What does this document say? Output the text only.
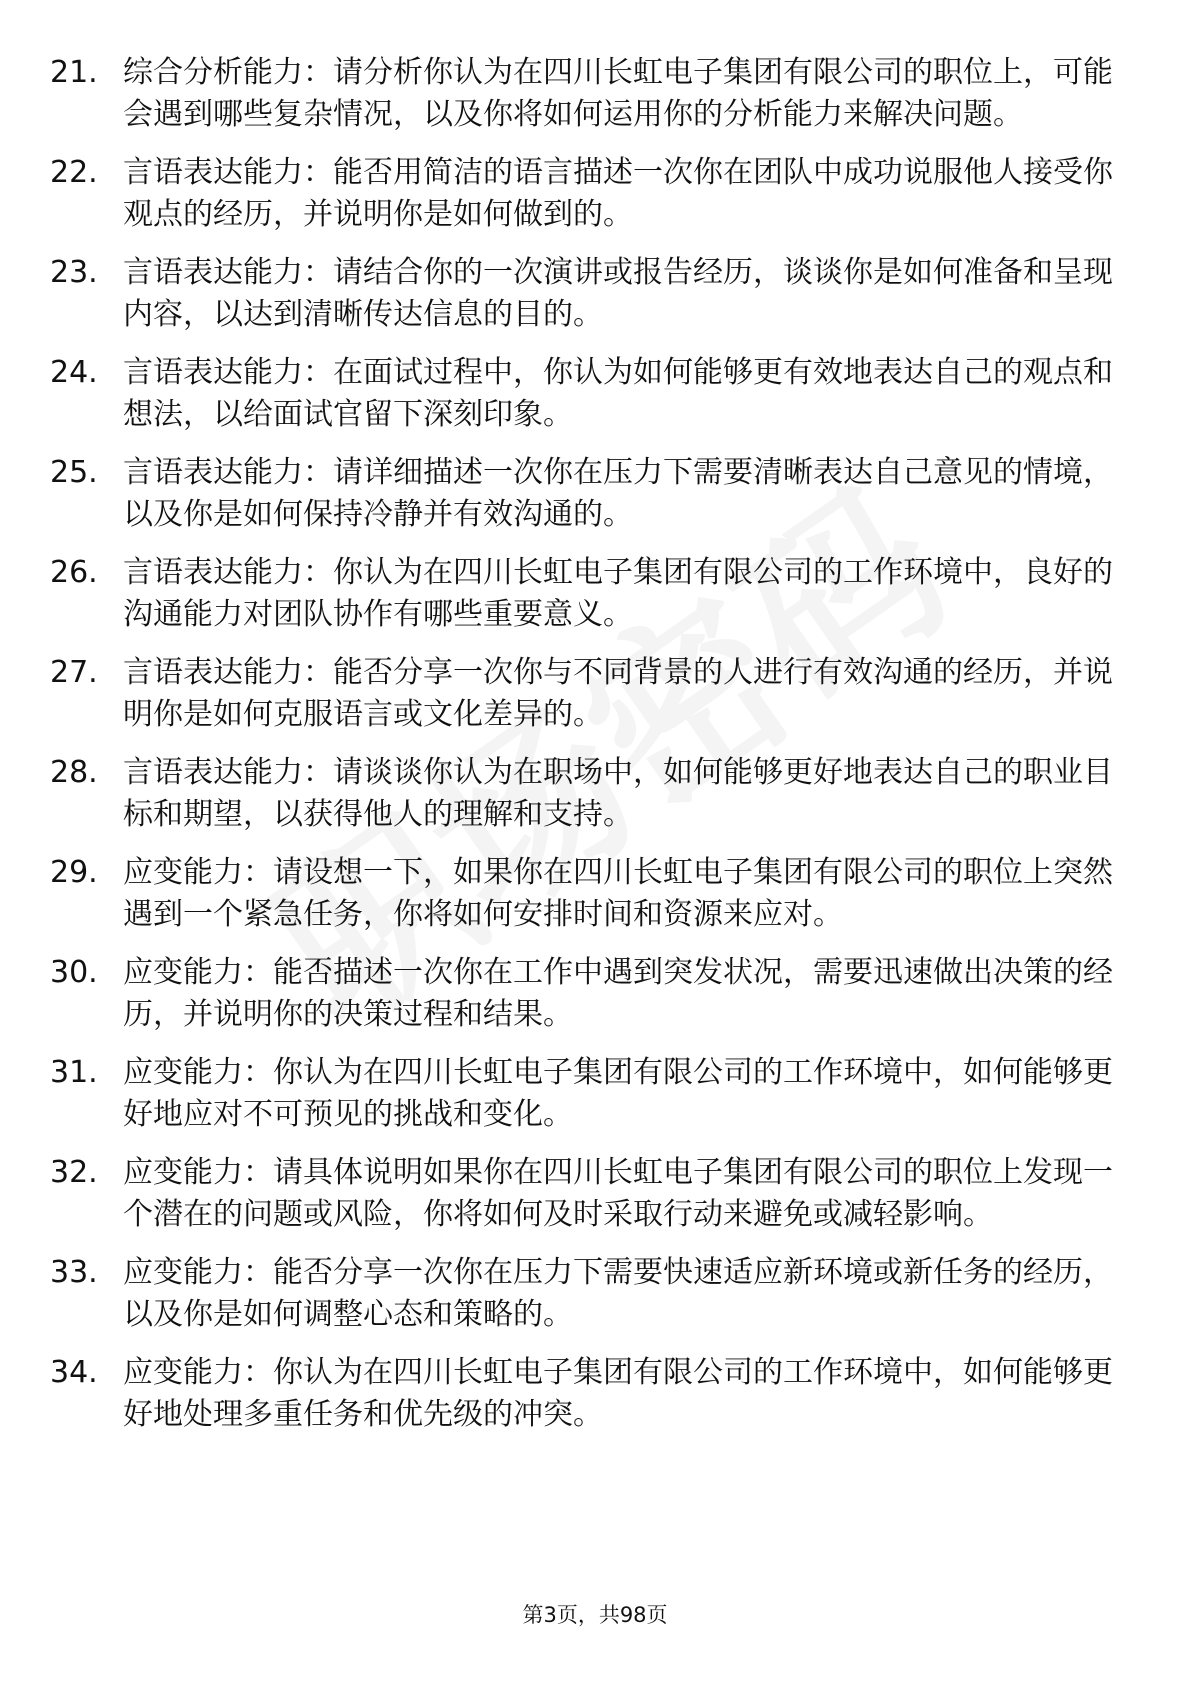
21. 综合分析能力：请分析你认为在四川长虹电子集团有限公司的职位上，可能会遇到哪些复杂情况，以及你将如何运用你的分析能力来解决问题。
22. 言语表达能力：能否用简洁的语言描述一次你在团队中成功说服他人接受你观点的经历，并说明你是如何做到的。
23. 言语表达能力：请结合你的一次演讲或报告经历，谈谈你是如何准备和呈现内容，以达到清晰传达信息的目的。
24. 言语表达能力：在面试过程中，你认为如何能够更有效地表达自己的观点和想法，以给面试官留下深刻印象。
25. 言语表达能力：请详细描述一次你在压力下需要清晰表达自己意见的情境，以及你是如何保持冷静并有效沟通的。
26. 言语表达能力：你认为在四川长虹电子集团有限公司的工作环境中，良好的沟通能力对团队协作有哪些重要意义。
27. 言语表达能力：能否分享一次你与不同背景的人进行有效沟通的经历，并说明你是如何克服语言或文化差异的。
28. 言语表达能力：请谈谈你认为在职场中，如何能够更好地表达自己的职业目标和期望，以获得他人的理解和支持。
29. 应变能力：请设想一下，如果你在四川长虹电子集团有限公司的职位上突然遇到一个紧急任务，你将如何安排时间和资源来应对。
30. 应变能力：能否描述一次你在工作中遇到突发状况，需要迅速做出决策的经历，并说明你的决策过程和结果。
31. 应变能力：你认为在四川长虹电子集团有限公司的工作环境中，如何能够更好地应对不可预见的挑战和变化。
32. 应变能力：请具体说明如果你在四川长虹电子集团有限公司的职位上发现一个潜在的问题或风险，你将如何及时采取行动来避免或减轻影响。
33. 应变能力：能否分享一次你在压力下需要快速适应新环境或新任务的经历，以及你是如何调整心态和策略的。
34. 应变能力：你认为在四川长虹电子集团有限公司的工作环境中，如何能够更好地处理多重任务和优先级的冲突。
第3页，共98页
